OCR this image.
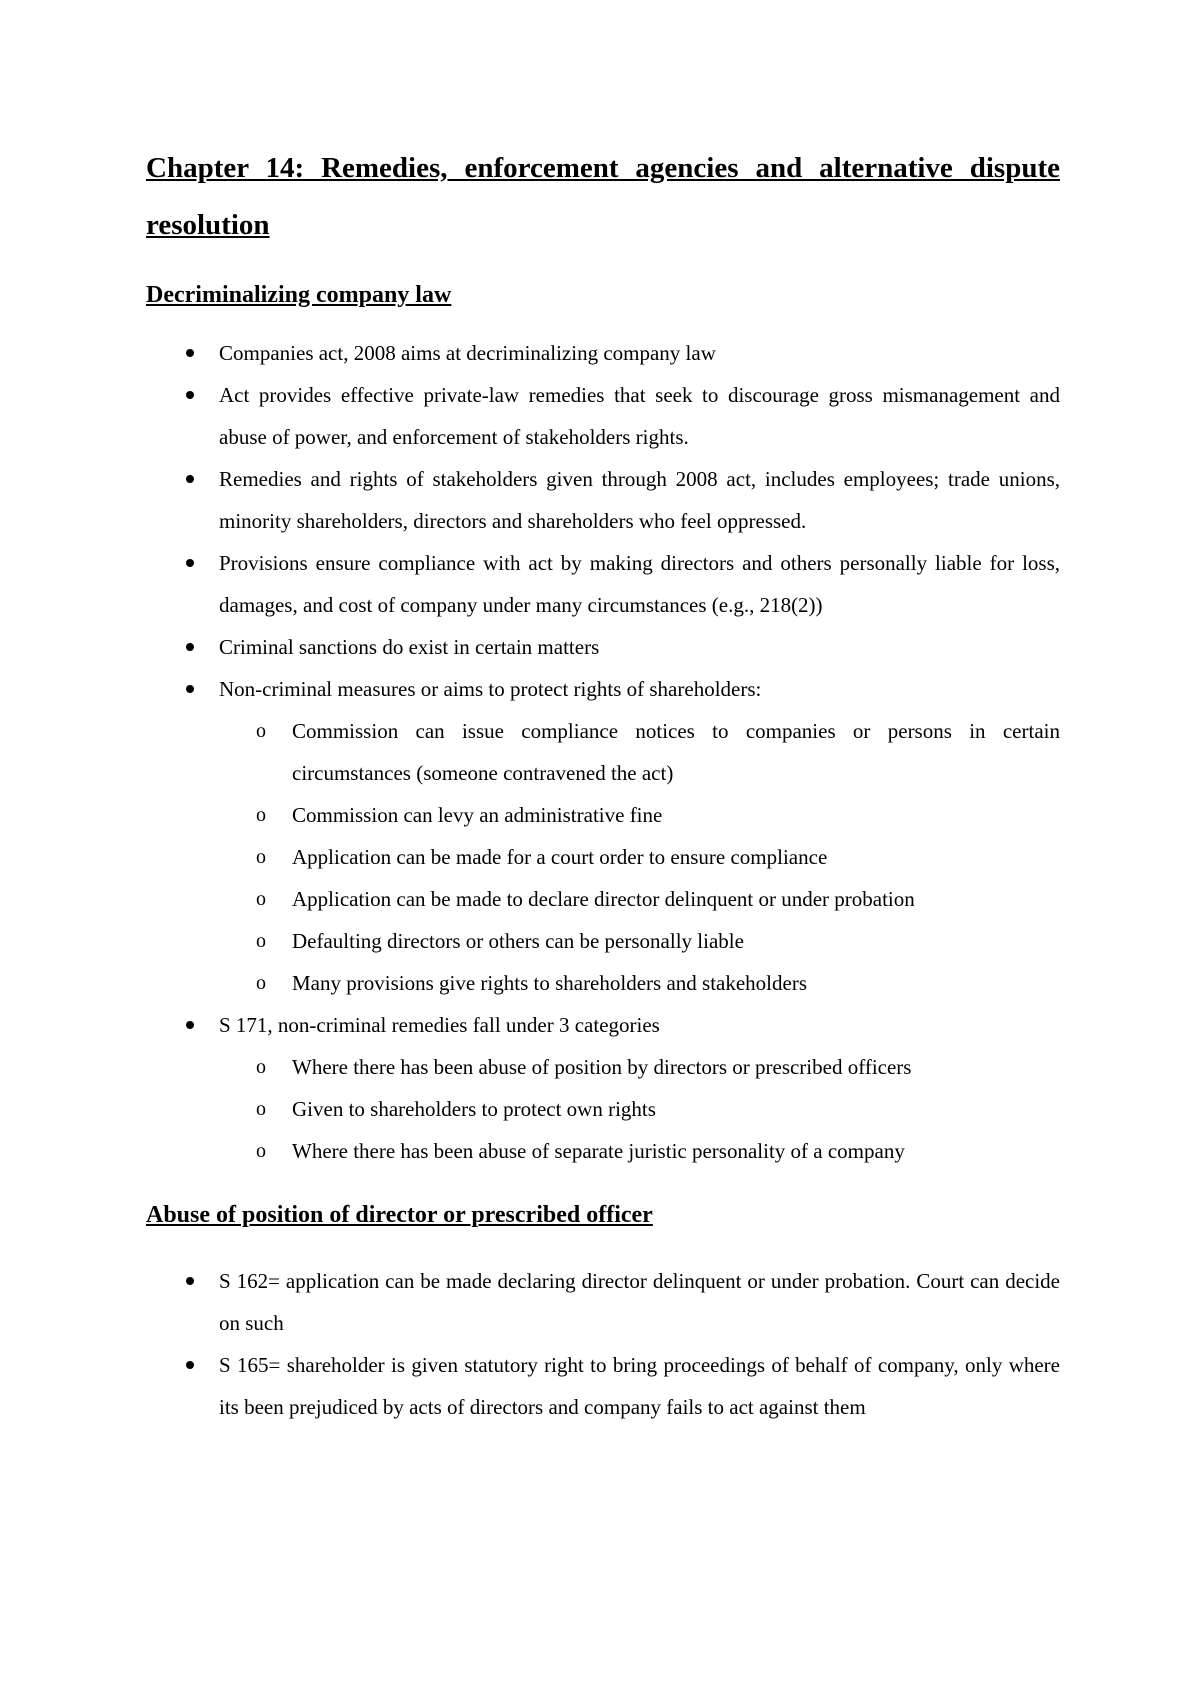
Chapter 14: Remedies, enforcement agencies and alternative dispute resolution
Decriminalizing company law
Companies act, 2008 aims at decriminalizing company law
Act provides effective private-law remedies that seek to discourage gross mismanagement and abuse of power, and enforcement of stakeholders rights.
Remedies and rights of stakeholders given through 2008 act, includes employees; trade unions, minority shareholders, directors and shareholders who feel oppressed.
Provisions ensure compliance with act by making directors and others personally liable for loss, damages, and cost of company under many circumstances (e.g., 218(2))
Criminal sanctions do exist in certain matters
Non-criminal measures or aims to protect rights of shareholders:
o Commission can issue compliance notices to companies or persons in certain circumstances (someone contravened the act)
o Commission can levy an administrative fine
o Application can be made for a court order to ensure compliance
o Application can be made to declare director delinquent or under probation
o Defaulting directors or others can be personally liable
o Many provisions give rights to shareholders and stakeholders
S 171, non-criminal remedies fall under 3 categories
o Where there has been abuse of position by directors or prescribed officers
o Given to shareholders to protect own rights
o Where there has been abuse of separate juristic personality of a company
Abuse of position of director or prescribed officer
S 162= application can be made declaring director delinquent or under probation. Court can decide on such
S 165= shareholder is given statutory right to bring proceedings of behalf of company, only where its been prejudiced by acts of directors and company fails to act against them
